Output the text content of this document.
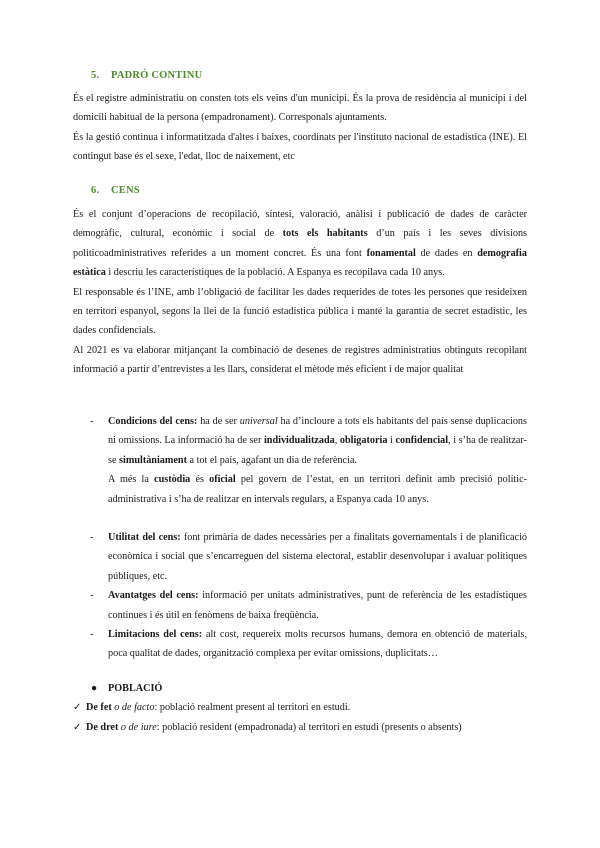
5. PADRÓ CONTINU
És el registre administratiu on consten tots els veïns d'un municipi. És la prova de residència al municipi i del domicili habitual de la persona (empadronament). Corresponals ajuntaments.
És la gestió continua i informatitzada d'altes i baixes, coordinats per l'instituto nacional de estadística (INE). El contingut base és el sexe, l'edat, lloc de naixement, etc
6. CENS
És el conjunt d’operacions de recopilació, síntesi, valoració, anàlisi i publicació de dades de caràcter demogràfic, cultural, econòmic i social de tots els habitants d’un país i les seves divisions politicoadministratives referides a un moment concret. És una font fonamental de dades en demografia estàtica i descriu les característiques de la població. A Espanya es recopilava cada 10 anys.
El responsable és l’INE, amb l’obligació de facilitar les dades requerides de totes les persones que resideixen en territori espanyol, segons la llei de la funció estadística pública i manté la garantia de secret estadístic, les dades confidencials.
Al 2021 es va elaborar mitjançant la combinació de desenes de registres administratius obtinguts recopilant informació a partir d’entrevistes a les llars, considerat el mètode més eficient i de major qualitat
- Condicions del cens: ha de ser universal ha d’incloure a tots els habitants del país sense duplicacions ni omissions. La informació ha de ser individualitzada, obligatoria i confidencial, i s’ha de realitzar-se simultàniament a tot el país, agafant un dia de referència.
A més la custòdia és oficial pel govern de l’estat, en un territori definit amb precisió polític-administrativa i s’ha de realitzar en intervals regulars, a Espanya cada 10 anys.
- Utilitat del cens: font primària de dades necessàries per a finalitats governamentals i de planificació econòmica i social que s’encarreguen del sistema electoral, establir desenvolupar i avaluar polítiques públiques, etc.
- Avantatges del cens: informació per unitats administratives, punt de referència de les estadístiques continues i és útil en fenòmens de baixa freqüència.
- Limitacions del cens: alt cost, requereix molts recursos humans, demora en obtenció de materials, poca qualitat de dades, organització complexa per evitar omissions, duplicitats…
● POBLACIÓ
✓ De fet o de facto: població realment present al territori en estudi.
✓ De dret o de iure: població resident (empadronada) al territori en estudi (presents o absents)
